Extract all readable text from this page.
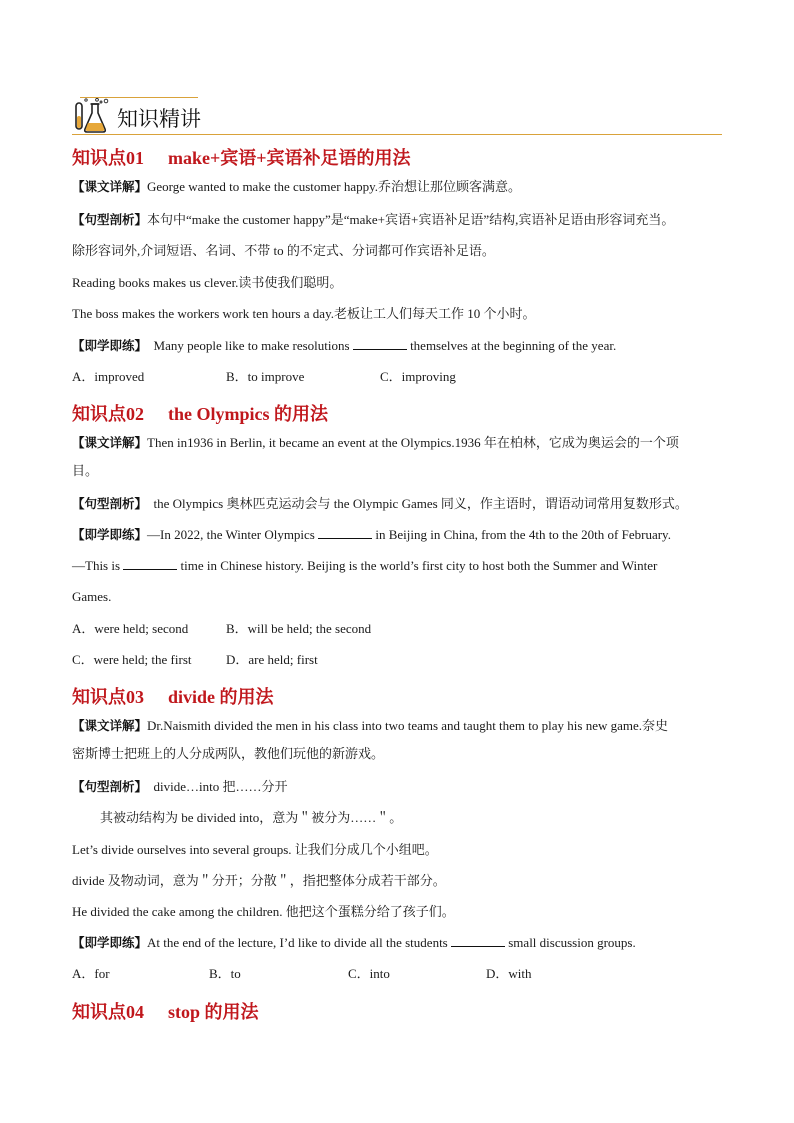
知识精讲
知识点01 make+宾语+宾语补足语的用法
【课文详解】George wanted to make the customer happy.乔治想让那位顾客满意。
【句型剖析】本句中“make the customer happy”是“make+宾语+宾语补足语”结构,宾语补足语由形容词充当。
除形容词外,介词短语、名词、不带 to 的不定式、分词都可作宾语补足语。
Reading books makes us clever.读书使我们聪明。
The boss makes the workers work ten hours a day.老板让工人们每天工作 10 个小时。
【即学即练】 Many people like to make resolutions	themselves at the beginning of the year.
A．improved	B．to improve	C．improving
知识点02 the Olympics 的用法
【课文详解】Then in1936 in Berlin, it became an event at the Olympics.1936 年在柏林，它成为奥运会的一个项
目。
【句型剖析】 the Olympics 奥林匹克运动会与 the Olympic Games 同义，作主语时，谓语动词常用复数形式。
【即学即练】—In 2022, the Winter Olympics	in Beijing in China, from the 4th to the 20th of February.
—This is	time in Chinese history. Beijing is the world’s first city to host both the Summer and Winter
Games.
A．were held; second	B．will be held; the second
C．were held; the first	D．are held; first
知识点03 divide 的用法
【课文详解】Dr.Naismith divided the men in his class into two teams and taught them to play his new game.奈史
密斯博士把班上的人分成两队，教他们玩他的新游戏。
【句型剖析】 divide…into 把……分开
其被动结构为 be divided into，意为＂被分为……＂。
Let’s divide ourselves into several groups. 让我们分成几个小组吧。
divide 及物动词，意为＂分开；分散＂，指把整体分成若干部分。
He divided the cake among the children. 他把这个蛋糕分给了孩子们。
【即学即练】At the end of the lecture, I’d like to divide all the students	small discussion groups.
A．for	B．to	C．into	D．with
知识点04 stop 的用法
